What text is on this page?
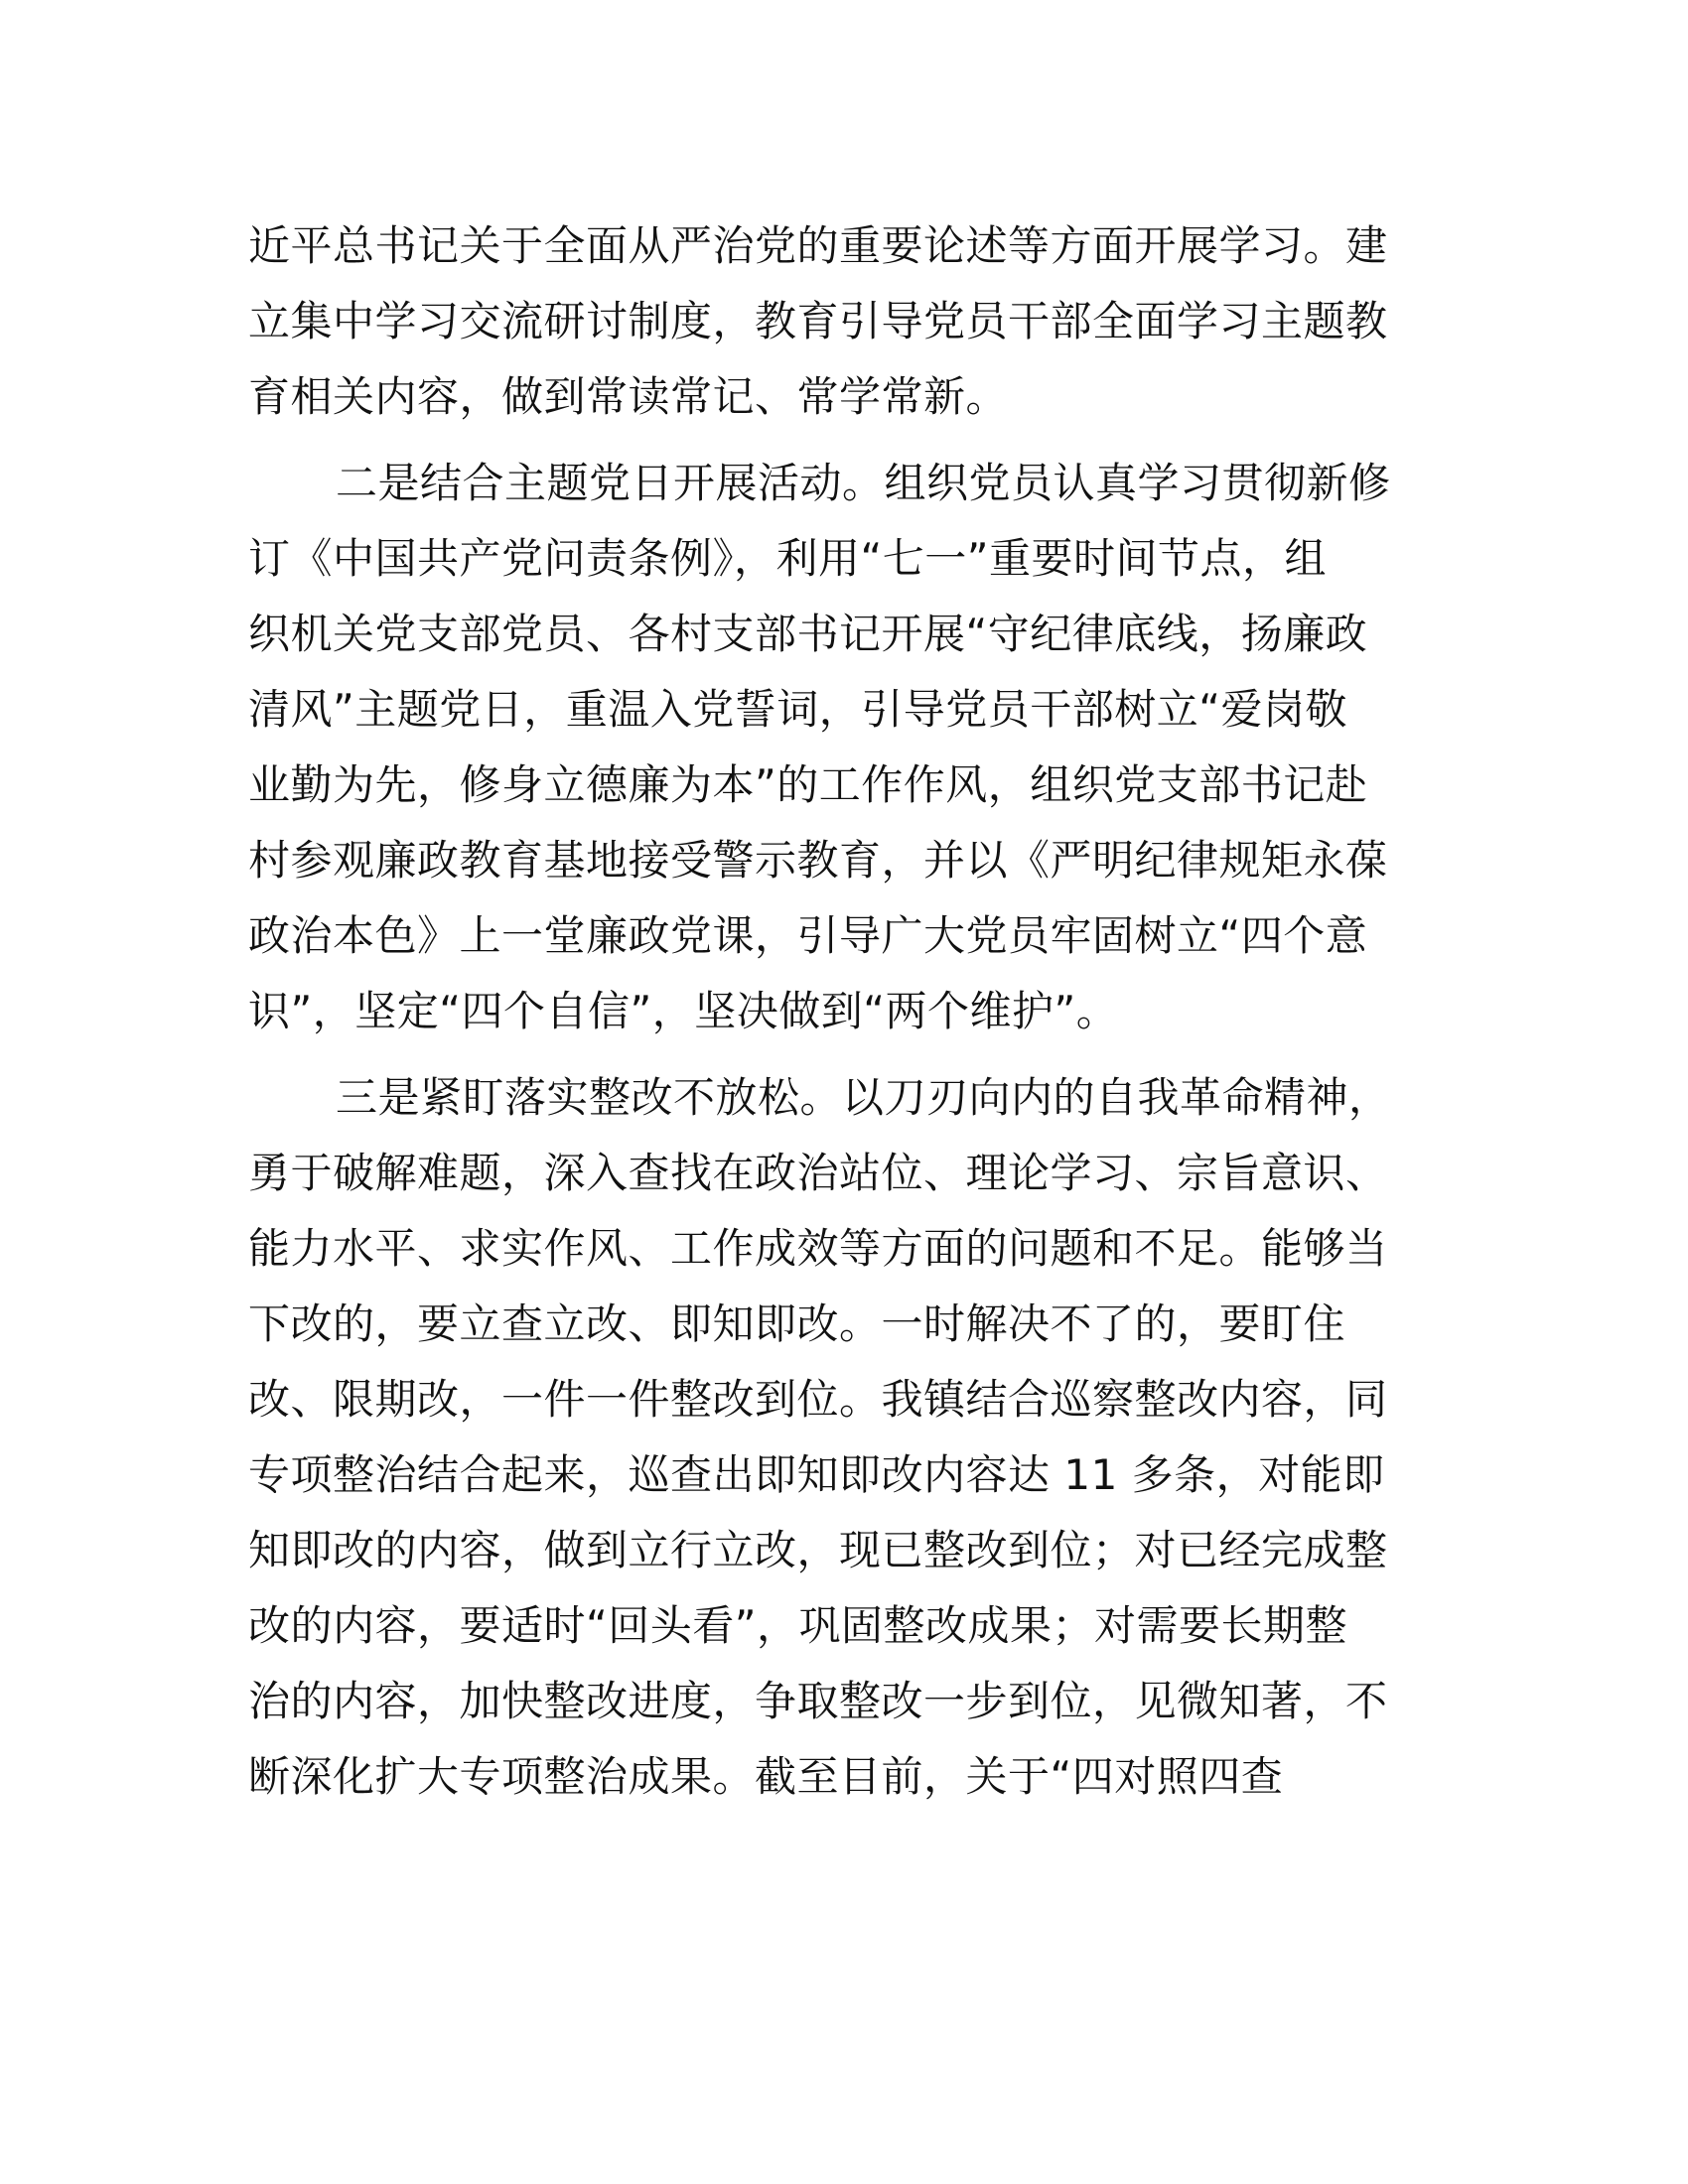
近平总书记关于全面从严治党的重要论述等方面开展学习。建
立集中学习交流研讨制度，教育引导党员干部全面学习主题教
育相关内容，做到常读常记、常学常新。
二是结合主题党日开展活动。组织党员认真学习贯彻新修
订《中国共产党问责条例》，利用“七一”重要时间节点，组
织机关党支部党员、各村支部书记开展“守纪律底线，扬廉政
清风”主题党日，重温入党誓词，引导党员干部树立“爱岗敬
业勤为先，修身立德廉为本”的工作作风，组织党支部书记赴
村参观廉政教育基地接受警示教育，并以《严明纪律规矩永葆
政治本色》上一堂廉政党课，引导广大党员牢固树立“四个意
识”，坚定“四个自信”，坚决做到“两个维护”。
三是紧盯落实整改不放松。以刀刃向内的自我革命精神，
勇于破解难题，深入查找在政治站位、理论学习、宗旨意识、
能力水平、求实作风、工作成效等方面的问题和不足。能够当
下改的，要立查立改、即知即改。一时解决不了的，要盯住
改、限期改，一件一件整改到位。我镇结合巡察整改内容，同
专项整治结合起来，巡查出即知即改内容达 11 多条，对能即
知即改的内容，做到立行立改，现已整改到位；对已经完成整
改的内容，要适时“回头看”，巩固整改成果；对需要长期整
治的内容，加快整改进度，争取整改一步到位，见微知著，不
断深化扩大专项整治成果。截至目前，关于“四对照四查
